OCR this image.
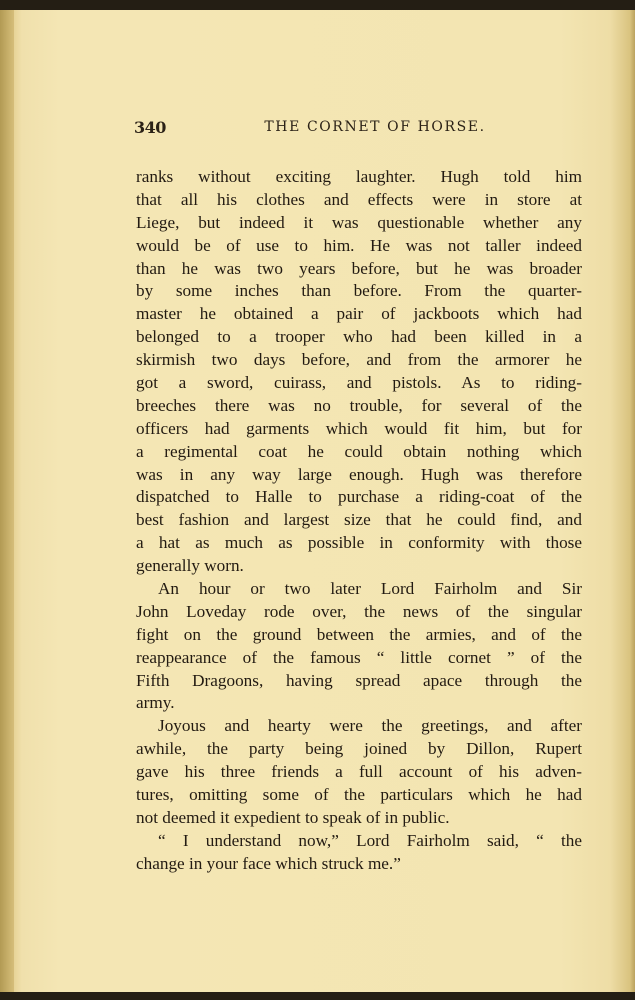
340	THE CORNET OF HORSE.
ranks without exciting laughter. Hugh told him
that all his clothes and effects were in store at
Liege, but indeed it was questionable whether any
would be of use to him. He was not taller indeed
than he was two years before, but he was broader
by some inches than before. From the quarter-
master he obtained a pair of jackboots which had
belonged to a trooper who had been killed in a
skirmish two days before, and from the armorer he
got a sword, cuirass, and pistols. As to riding-
breeches there was no trouble, for several of the
officers had garments which would fit him, but for
a regimental coat he could obtain nothing which
was in any way large enough. Hugh was therefore
dispatched to Halle to purchase a riding-coat of the
best fashion and largest size that he could find, and
a hat as much as possible in conformity with those
generally worn.
An hour or two later Lord Fairholm and Sir
John Loveday rode over, the news of the singular
fight on the ground between the armies, and of the
reappearance of the famous “ little cornet ” of the
Fifth Dragoons, having spread apace through the
army.
Joyous and hearty were the greetings, and after
awhile, the party being joined by Dillon, Rupert
gave his three friends a full account of his adven-
tures, omitting some of the particulars which he had
not deemed it expedient to speak of in public.
“ I understand now,” Lord Fairholm said, “ the
change in your face which struck me.”
